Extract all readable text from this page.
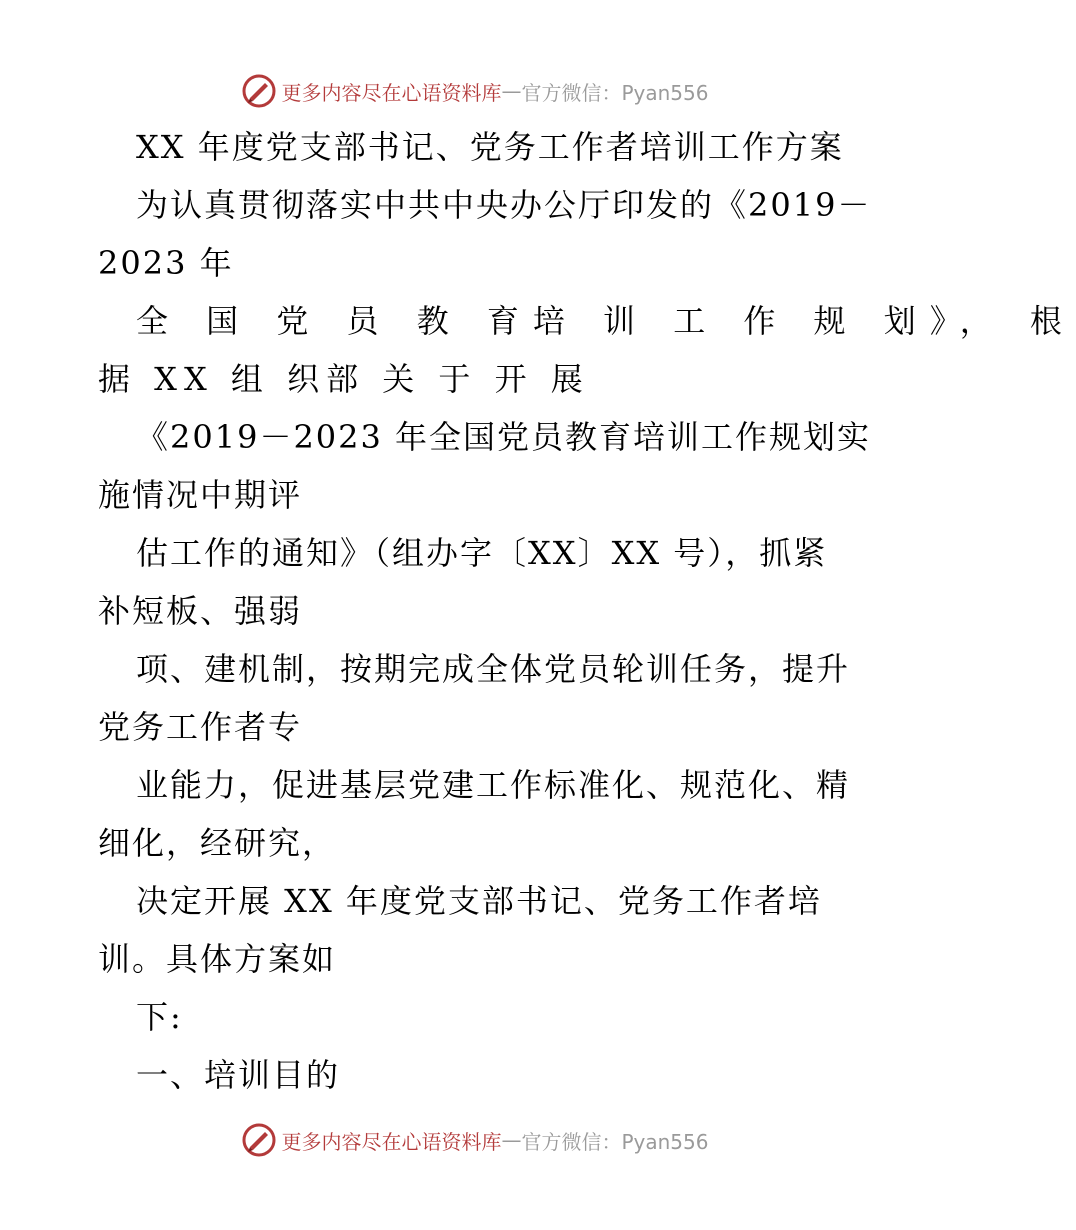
更多内容尽在心语资料库 — 官方微信：Pyan556
XX 年度党支部书记、党务工作者培训工作方案
为认真贯彻落实中共中央办公厅印发的《2019－
2023 年
全 国 党 员 教 育培 训 工 作 规 划》， 根
据 XX 组 织部 关 于 开 展
《2019－2023 年全国党员教育培训工作规划实
施情况中期评
估工作的通知》（组办字〔XX〕XX 号），抓紧
补短板、强弱
项、建机制，按期完成全体党员轮训任务，提升
党务工作者专
业能力，促进基层党建工作标准化、规范化、精
细化，经研究，
决定开展 XX 年度党支部书记、党务工作者培
训。具体方案如
下:
一、培训目的
更多内容尽在心语资料库 — 官方微信：Pyan556
